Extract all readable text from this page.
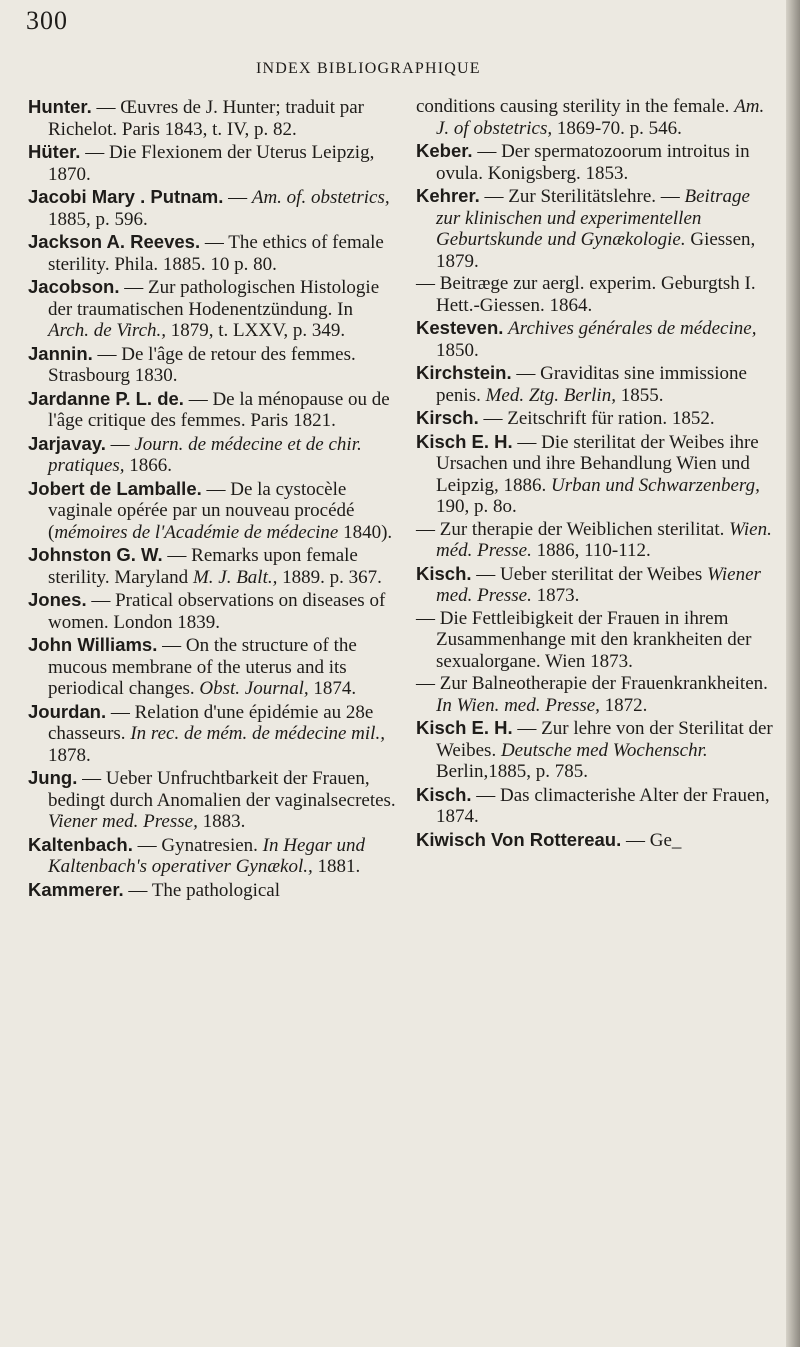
300
INDEX BIBLIOGRAPHIQUE

Hunter. — Œuvres de J. Hunter; traduit par Richelot. Paris 1843, t. IV, p. 82.

Hüter. — Die Flexionem der Uterus Leipzig, 1870.

Jacobi Mary . Putnam. — Am. of. obstetrics, 1885, p. 596.

Jackson A. Reeves. — The ethics of female sterility. Phila. 1885. 10 p. 80.

Jacobson. — Zur pathologischen Histologie der traumatischen Hodenentzündung. In Arch. de Virch., 1879, t. LXXV, p. 349.

Jannin. — De l'âge de retour des femmes. Strasbourg 1830.

Jardanne P. L. de. — De la ménopause ou de l'âge critique des femmes. Paris 1821.

Jarjavay. — Journ. de médecine et de chir. pratiques, 1866.

Jobert de Lamballe. — De la cystocèle vaginale opérée par un nouveau procédé (mémoires de l'Académie de médecine 1840).

Johnston G. W. — Remarks upon female sterility. Maryland M. J. Balt., 1889. p. 367.

Jones. — Pratical observations on diseases of women. London 1839.

John Williams. — On the structure of the mucous membrane of the uterus and its periodical changes. Obst. Journal, 1874.

Jourdan. — Relation d'une épidémie au 28e chasseurs. In rec. de mém. de médecine mil., 1878.

Jung. — Ueber Unfruchtbarkeit der Frauen, bedingt durch Anomalien der vaginalsecretes. Viener med. Presse, 1883.

Kaltenbach. — Gynatresien. In Hegar und Kaltenbach's operativer Gynækol., 1881.

Kammerer. — The pathological

conditions causing sterility in the female. Am. J. of obstetrics, 1869-70. p. 546.

Keber. — Der spermatozoorum introitus in ovula. Konigsberg. 1853.

Kehrer. — Zur Sterilitätslehre. — Beitrage zur klinischen und experimentellen Geburtskunde und Gynækologie. Giessen, 1879.

— Beitræge zur aergl. experim. Geburgtsh I. Hett.-Giessen. 1864.

Kesteven. Archives générales de médecine, 1850.

Kirchstein. — Graviditas sine immissione penis. Med. Ztg. Berlin, 1855.

Kirsch. — Zeitschrift für ration. 1852.

Kisch E. H. — Die sterilitat der Weibes ihre Ursachen und ihre Behandlung Wien und Leipzig, 1886. Urban und Schwarzenberg, 190, p. 8o.

— Zur therapie der Weiblichen sterilitat. Wien. méd. Presse. 1886, 110-112.

Kisch. — Ueber sterilitat der Weibes Wiener med. Presse. 1873.

— Die Fettleibigkeit der Frauen in ihrem Zusammenhange mit den krankheiten der sexualorgane. Wien 1873.

— Zur Balneotherapie der Frauenkrankheiten. In Wien. med. Presse, 1872.

Kisch E. H. — Zur lehre von der Sterilitat der Weibes. Deutsche med Wochenschr. Berlin,1885, p. 785.

Kisch. — Das climacterishe Alter der Frauen, 1874.

Kiwisch Von Rottereau. — Ge_
